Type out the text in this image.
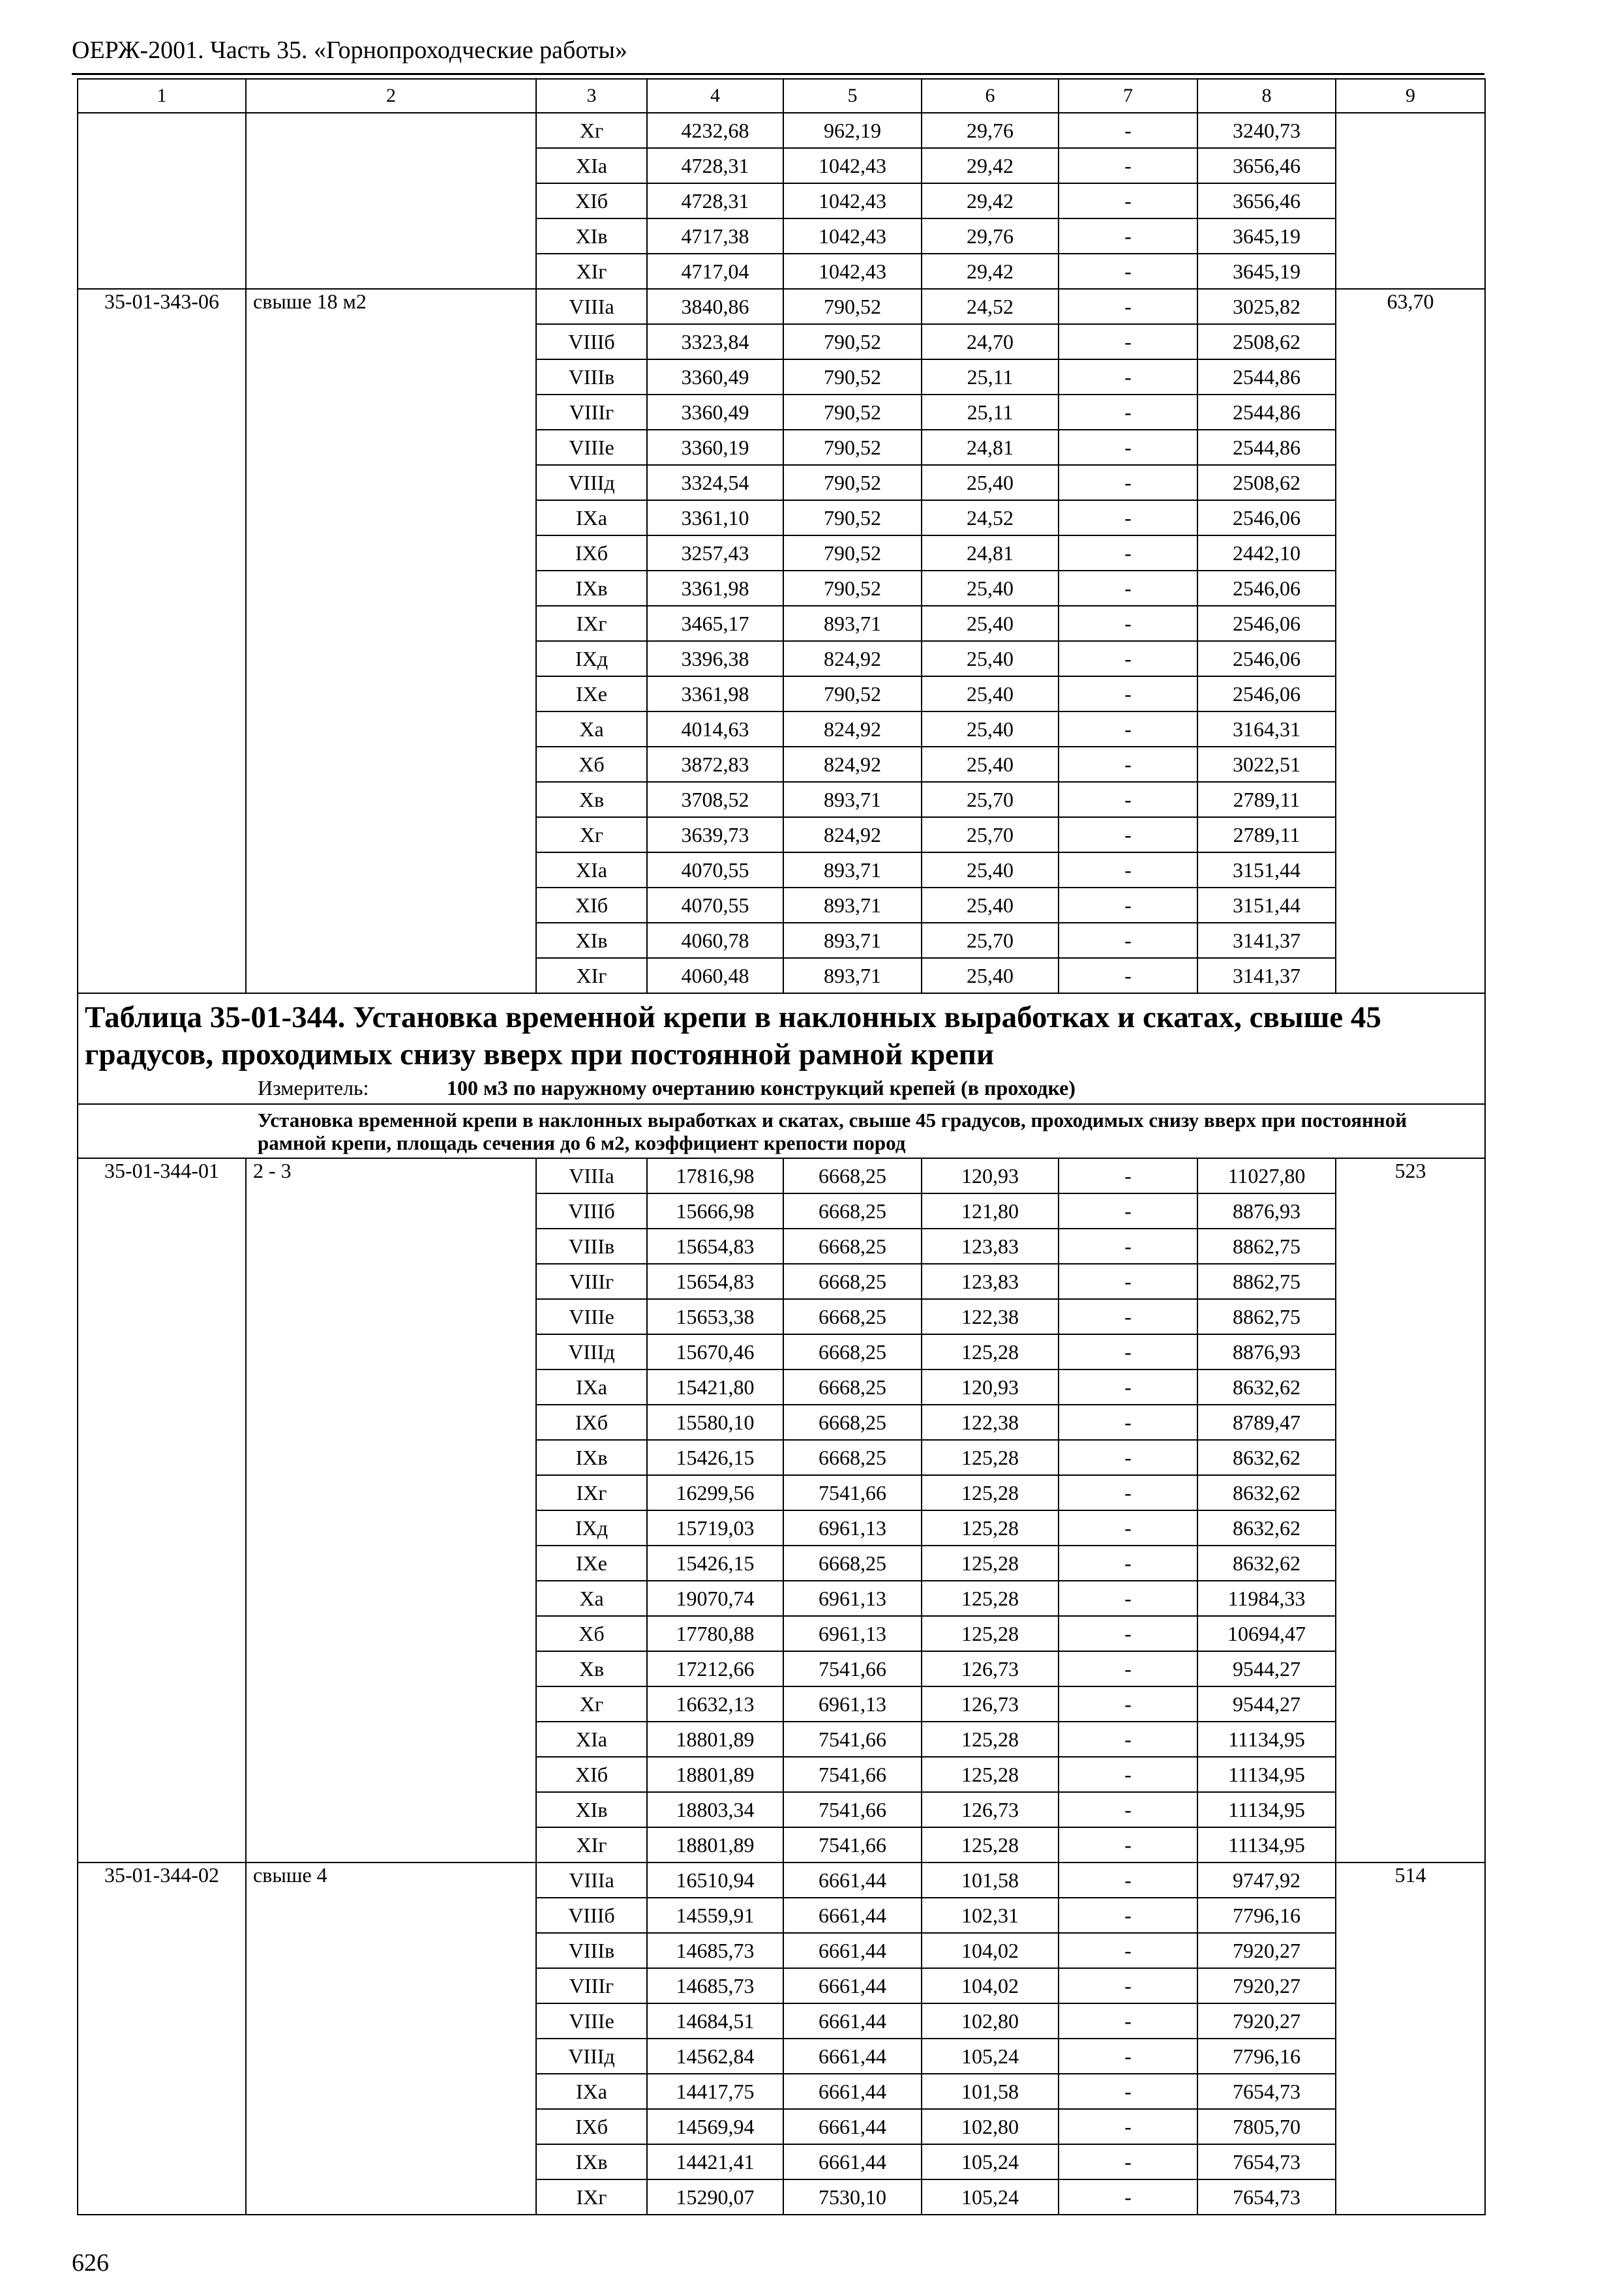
ОЕРЖ-2001. Часть 35. «Горнопроходческие работы»
1	2	3	4	5	6	7	8	9
		Xг	4232,68	962,19	29,76	-	3240,73	
		XIа	4728,31	1042,43	29,42	-	3656,46	
		XIб	4728,31	1042,43	29,42	-	3656,46	
		XIв	4717,38	1042,43	29,76	-	3645,19	
		XIг	4717,04	1042,43	29,42	-	3645,19	
35-01-343-06	свыше 18 м2	VIIIа	3840,86	790,52	24,52	-	3025,82	63,70
		VIIIб	3323,84	790,52	24,70	-	2508,62	
		VIIIв	3360,49	790,52	25,11	-	2544,86	
		VIIIг	3360,49	790,52	25,11	-	2544,86	
		VIIIе	3360,19	790,52	24,81	-	2544,86	
		VIIIд	3324,54	790,52	25,40	-	2508,62	
		IXа	3361,10	790,52	24,52	-	2546,06	
		IXб	3257,43	790,52	24,81	-	2442,10	
		IXв	3361,98	790,52	25,40	-	2546,06	
		IXг	3465,17	893,71	25,40	-	2546,06	
		IXд	3396,38	824,92	25,40	-	2546,06	
		IXе	3361,98	790,52	25,40	-	2546,06	
		Xа	4014,63	824,92	25,40	-	3164,31	
		Xб	3872,83	824,92	25,40	-	3022,51	
		Xв	3708,52	893,71	25,70	-	2789,11	
		Xг	3639,73	824,92	25,70	-	2789,11	
		XIа	4070,55	893,71	25,40	-	3151,44	
		XIб	4070,55	893,71	25,40	-	3151,44	
		XIв	4060,78	893,71	25,70	-	3141,37	
		XIг	4060,48	893,71	25,40	-	3141,37	

Таблица 35-01-344. Установка временной крепи в наклонных выработках и скатах, свыше 45 градусов, проходимых снизу вверх при постоянной рамной крепи
Измеритель: 100 м3 по наружному очертанию конструкций крепей (в проходке)								

Установка временной крепи в наклонных выработках и скатах, свыше 45 градусов, проходимых снизу вверх при постоянной рамной крепи, площадь сечения до 6 м2, коэффициент крепости пород								

35-01-344-01	2 - 3	VIIIа	17816,98	6668,25	120,93	-	11027,80	523
		VIIIб	15666,98	6668,25	121,80	-	8876,93	
		VIIIв	15654,83	6668,25	123,83	-	8862,75	
		VIIIг	15654,83	6668,25	123,83	-	8862,75	
		VIIIе	15653,38	6668,25	122,38	-	8862,75	
		VIIIд	15670,46	6668,25	125,28	-	8876,93	
		IXа	15421,80	6668,25	120,93	-	8632,62	
		IXб	15580,10	6668,25	122,38	-	8789,47	
		IXв	15426,15	6668,25	125,28	-	8632,62	
		IXг	16299,56	7541,66	125,28	-	8632,62	
		IXд	15719,03	6961,13	125,28	-	8632,62	
		IXе	15426,15	6668,25	125,28	-	8632,62	
		Xа	19070,74	6961,13	125,28	-	11984,33	
		Xб	17780,88	6961,13	125,28	-	10694,47	
		Xв	17212,66	7541,66	126,73	-	9544,27	
		Xг	16632,13	6961,13	126,73	-	9544,27	
		XIа	18801,89	7541,66	125,28	-	11134,95	
		XIб	18801,89	7541,66	125,28	-	11134,95	
		XIв	18803,34	7541,66	126,73	-	11134,95	
		XIг	18801,89	7541,66	125,28	-	11134,95	
35-01-344-02	свыше 4	VIIIа	16510,94	6661,44	101,58	-	9747,92	514
		VIIIб	14559,91	6661,44	102,31	-	7796,16	
		VIIIв	14685,73	6661,44	104,02	-	7920,27	
		VIIIг	14685,73	6661,44	104,02	-	7920,27	
		VIIIе	14684,51	6661,44	102,80	-	7920,27	
		VIIIд	14562,84	6661,44	105,24	-	7796,16	
		IXа	14417,75	6661,44	101,58	-	7654,73	
		IXб	14569,94	6661,44	102,80	-	7805,70	
		IXв	14421,41	6661,44	105,24	-	7654,73	
		IXг	15290,07	7530,10	105,24	-	7654,73	
626
